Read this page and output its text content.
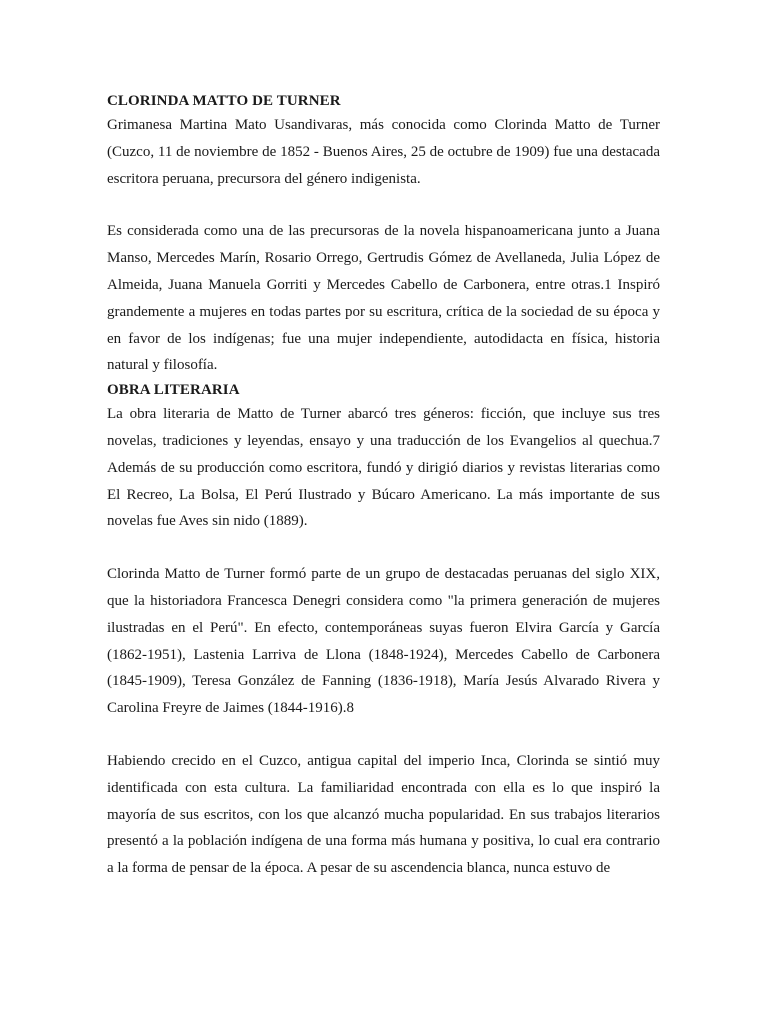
CLORINDA MATTO DE TURNER

Grimanesa Martina Mato Usandivaras, más conocida como Clorinda Matto de Turner (Cuzco, 11 de noviembre de 1852 - Buenos Aires, 25 de octubre de 1909) fue una destacada escritora peruana, precursora del género indigenista.

Es considerada como una de las precursoras de la novela hispanoamericana junto a Juana Manso, Mercedes Marín, Rosario Orrego, Gertrudis Gómez de Avellaneda, Julia López de Almeida, Juana Manuela Gorriti y Mercedes Cabello de Carbonera, entre otras.1 Inspiró grandemente a mujeres en todas partes por su escritura, crítica de la sociedad de su época y en favor de los indígenas; fue una mujer independiente, autodidacta en física, historia natural y filosofía.

OBRA LITERARIA

La obra literaria de Matto de Turner abarcó tres géneros: ficción, que incluye sus tres novelas, tradiciones y leyendas, ensayo y una traducción de los Evangelios al quechua.7 Además de su producción como escritora, fundó y dirigió diarios y revistas literarias como El Recreo, La Bolsa, El Perú Ilustrado y Búcaro Americano. La más importante de sus novelas fue Aves sin nido (1889).

Clorinda Matto de Turner formó parte de un grupo de destacadas peruanas del siglo XIX, que la historiadora Francesca Denegri considera como "la primera generación de mujeres ilustradas en el Perú". En efecto, contemporáneas suyas fueron Elvira García y García (1862-1951), Lastenia Larriva de Llona (1848-1924), Mercedes Cabello de Carbonera (1845-1909), Teresa González de Fanning (1836-1918), María Jesús Alvarado Rivera y Carolina Freyre de Jaimes (1844-1916).8

Habiendo crecido en el Cuzco, antigua capital del imperio Inca, Clorinda se sintió muy identificada con esta cultura. La familiaridad encontrada con ella es lo que inspiró la mayoría de sus escritos, con los que alcanzó mucha popularidad. En sus trabajos literarios presentó a la población indígena de una forma más humana y positiva, lo cual era contrario a la forma de pensar de la época. A pesar de su ascendencia blanca, nunca estuvo de
